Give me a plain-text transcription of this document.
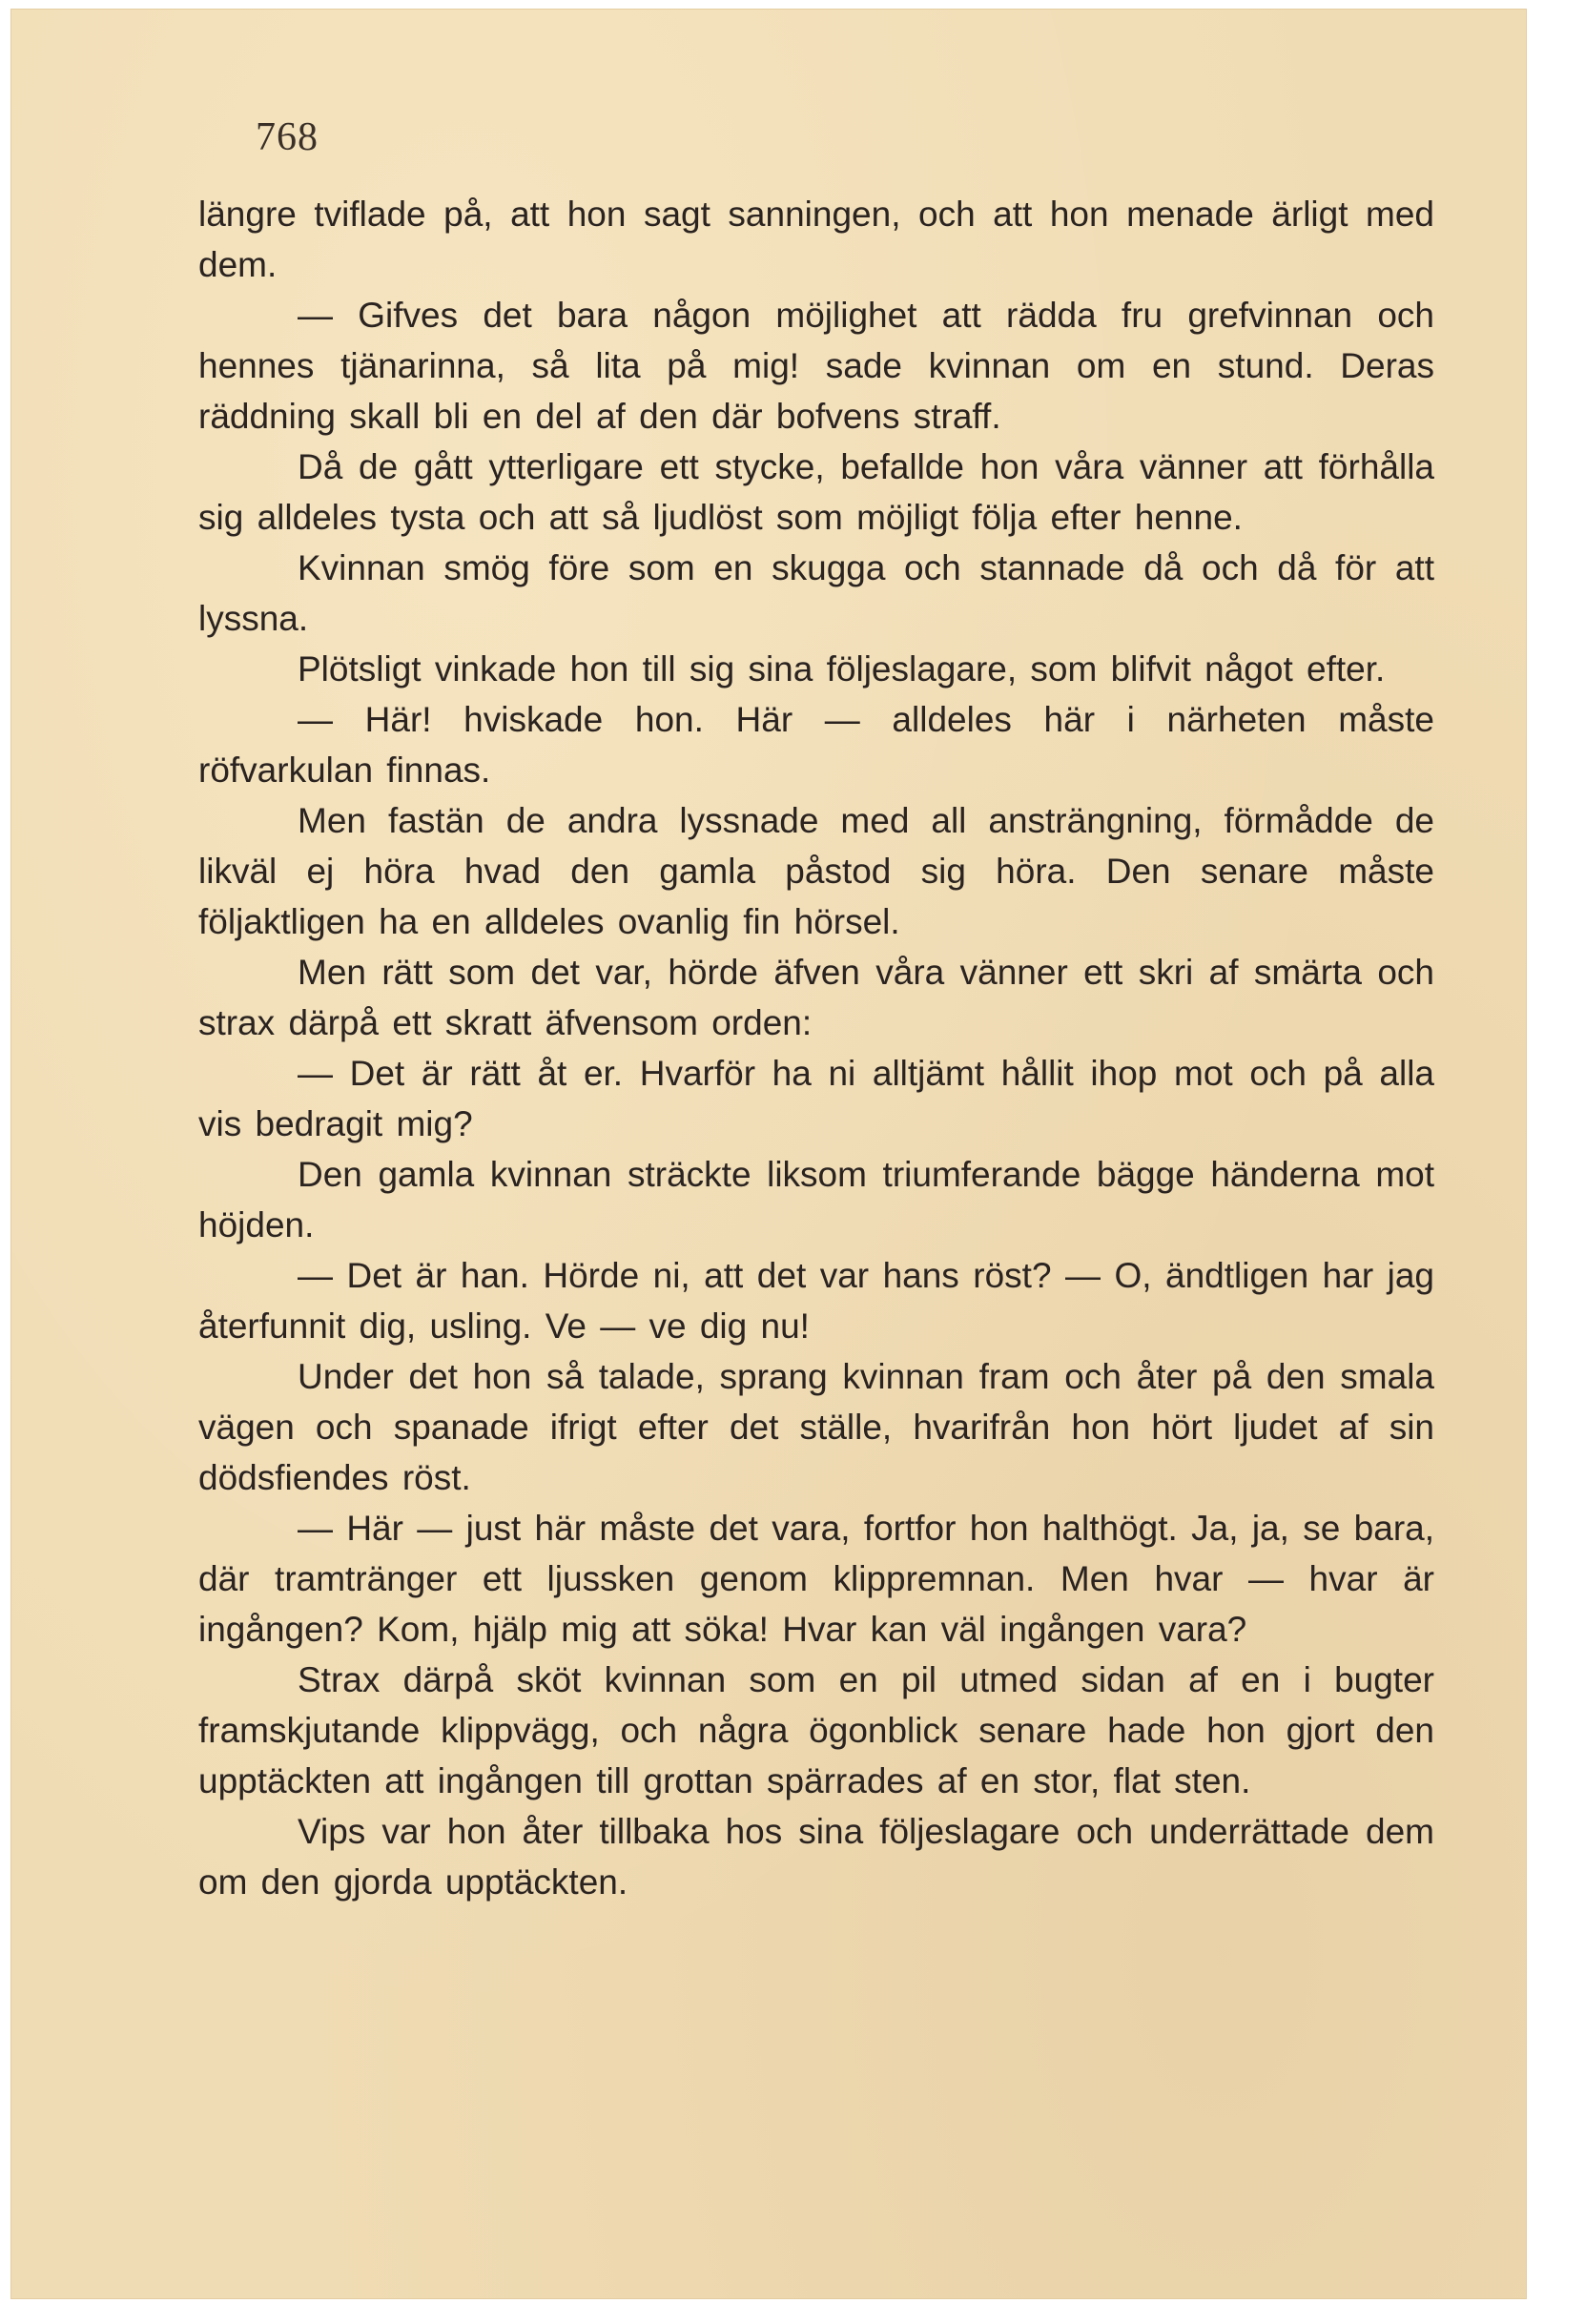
768

längre tviflade på, att hon sagt sanningen, och att hon menade ärligt med dem.

— Gifves det bara någon möjlighet att rädda fru grefvinnan och hennes tjänarinna, så lita på mig! sade kvinnan om en stund. Deras räddning skall bli en del af den där bofvens straff.

Då de gått ytterligare ett stycke, befallde hon våra vänner att förhålla sig alldeles tysta och att så ljudlöst som möjligt följa efter henne.

Kvinnan smög före som en skugga och stannade då och då för att lyssna.

Plötsligt vinkade hon till sig sina följeslagare, som blifvit något efter.

— Här! hviskade hon. Här — alldeles här i närheten måste röfvarkulan finnas.

Men fastän de andra lyssnade med all ansträngning, förmådde de likväl ej höra hvad den gamla påstod sig höra. Den senare måste följaktligen ha en alldeles ovanlig fin hörsel.

Men rätt som det var, hörde äfven våra vänner ett skri af smärta och strax därpå ett skratt äfvensom orden:

— Det är rätt åt er. Hvarför ha ni alltjämt hållit ihop mot och på alla vis bedragit mig?

Den gamla kvinnan sträckte liksom triumferande bägge händerna mot höjden.

— Det är han. Hörde ni, att det var hans röst? — O, ändtligen har jag återfunnit dig, usling. Ve — ve dig nu!

Under det hon så talade, sprang kvinnan fram och åter på den smala vägen och spanade ifrigt efter det ställe, hvarifrån hon hört ljudet af sin dödsfiendes röst.

— Här — just här måste det vara, fortfor hon halthögt. Ja, ja, se bara, där tramtränger ett ljussken genom klippremnan. Men hvar — hvar är ingången? Kom, hjälp mig att söka! Hvar kan väl ingången vara?

Strax därpå sköt kvinnan som en pil utmed sidan af en i bugter framskjutande klippvägg, och några ögonblick senare hade hon gjort den upptäckten att ingången till grottan spärrades af en stor, flat sten.

Vips var hon åter tillbaka hos sina följeslagare och underrättade dem om den gjorda upptäckten.
